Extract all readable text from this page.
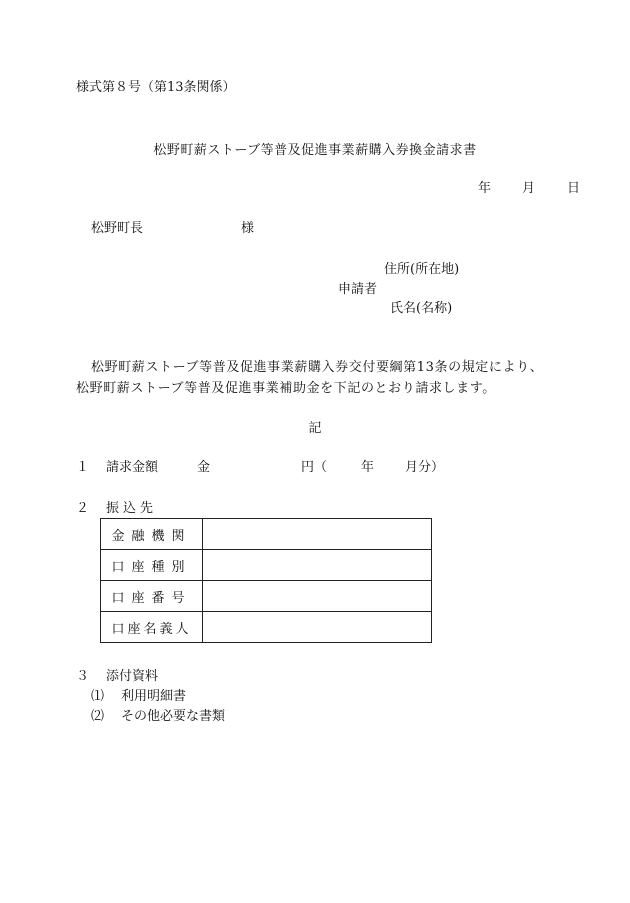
様式第８号（第13条関係）
松野町薪ストーブ等普及促進事業薪購入券換金請求書
年 月 日
松野町長	様
住所(所在地)
申請者
氏名(名称)
松野町薪ストーブ等普及促進事業薪購入券交付要綱第13条の規定により、
松野町薪ストーブ等普及促進事業補助金を下記のとおり請求します。
記
１ 請求金額	金	円（	年 月分）
２ 振込先
金融機関	
口座種別	
口座番号	
口座名義人	
３ 添付資料
⑴ 利用明細書
⑵ その他必要な書類
